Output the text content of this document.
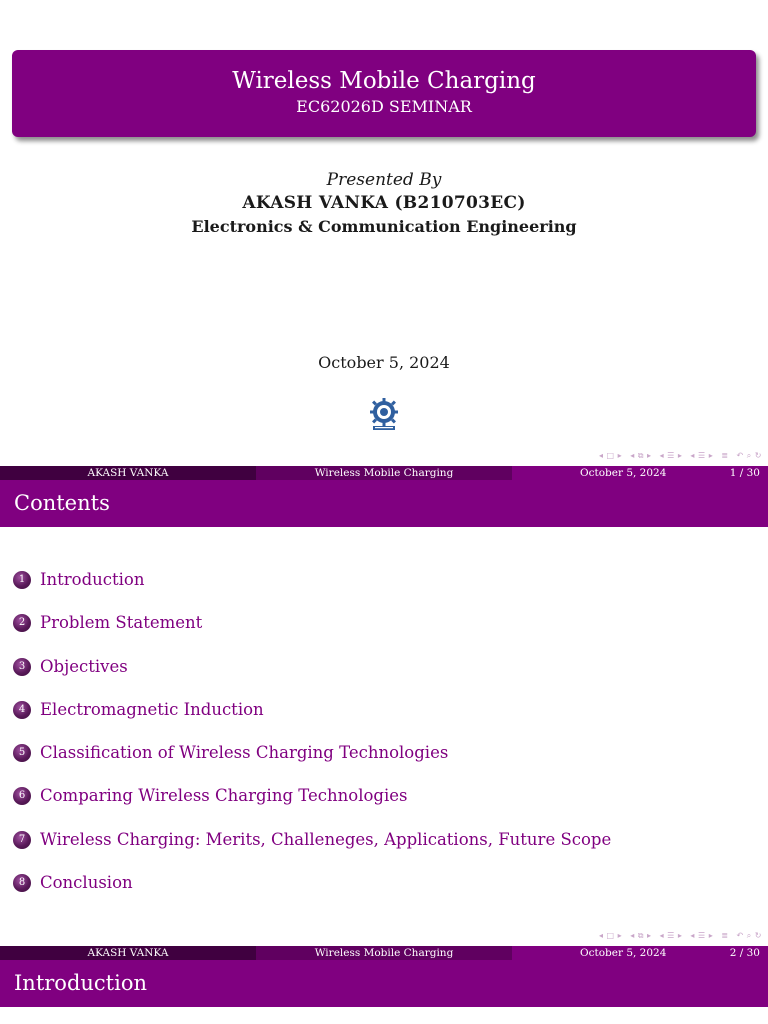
Wireless Mobile Charging
EC62026D SEMINAR
Presented By
AKASH VANKA (B210703EC)
Electronics & Communication Engineering
October 5, 2024
◂ □ ▸ ◂ ⧉ ▸ ◂ ☰ ▸ ◂ ☰ ▸ ≣ ↶ ⌕ ↻
AKASH VANKA	Wireless Mobile Charging	October 5, 2024	1 / 30
Contents
1 Introduction
2 Problem Statement
3 Objectives
4 Electromagnetic Induction
5 Classification of Wireless Charging Technologies
6 Comparing Wireless Charging Technologies
7 Wireless Charging: Merits, Challeneges, Applications, Future Scope
8 Conclusion
◂ □ ▸ ◂ ⧉ ▸ ◂ ☰ ▸ ◂ ☰ ▸ ≣ ↶ ⌕ ↻
AKASH VANKA	Wireless Mobile Charging	October 5, 2024	2 / 30
Introduction
